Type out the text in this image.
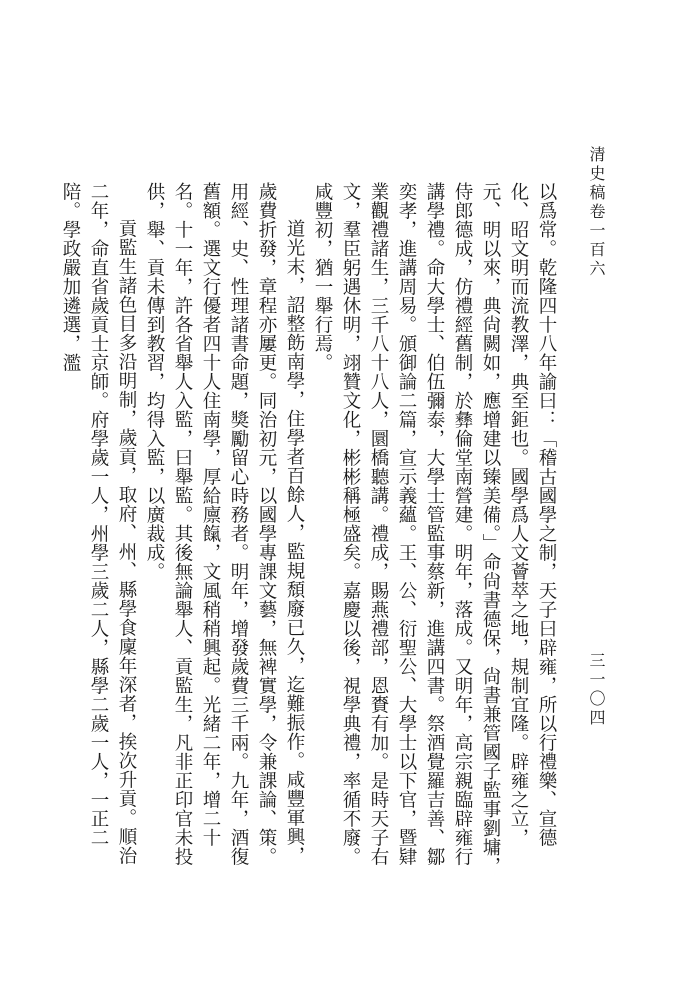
清史稿卷一百六
三一〇四
以爲常。乾隆四十八年諭曰：「稽古國學之制，天子曰辟雍，所以行禮樂、宣德化、昭文明而流教澤，典至鉅也。國學爲人文薈萃之地，規制宜隆。辟雍之立，元、明以來，典尙闕如，應增建以臻美備。」命尙書德保，尙書兼管國子監事劉墉，侍郎德成，仿禮經舊制，於彝倫堂南營建。明年，落成。又明年，高宗親臨辟雍行講學禮。命大學士、伯伍彌泰，大學士管監事蔡新，進講四書。祭酒覺羅吉善、鄒奕孝，進講周易。頒御論二篇，宣示義蘊。王、公、衍聖公、大學士以下官，暨肄業觀禮諸生，三千八十八人，圜橋聽講。禮成，賜燕禮部，恩賚有加。是時天子右文，羣臣躬遇休明，翊贊文化，彬彬稱極盛矣。嘉慶以後，視學典禮，率循不廢。咸豐初，猶一舉行焉。
道光末，詔整飭南學，住學者百餘人，監規頹廢已久，迄難振作。咸豐軍興，歲費折發，章程亦屢更。同治初元，以國學專課文藝，無裨實學，令兼課論、策。用經、史、性理諸書命題，獎勵留心時務者。明年，增發歲費三千兩。九年，酒復舊額。選文行優者四十人住南學，厚給廪餼，文風稍稍興起。光緒二年，增二十名。十一年，許各省舉人入監，曰舉監。其後無論舉人、貢監生，凡非正印官未投供，舉、貢未傳到教習，均得入監，以廣裁成。
貢監生諸色目多沿明制，歲貢，取府、州、縣學食廩年深者，挨次升貢。順治二年，命直省歲貢士京師。府學歲一人，州學三歲二人，縣學二歲一人，一正二陪。學政嚴加遴選，濫
